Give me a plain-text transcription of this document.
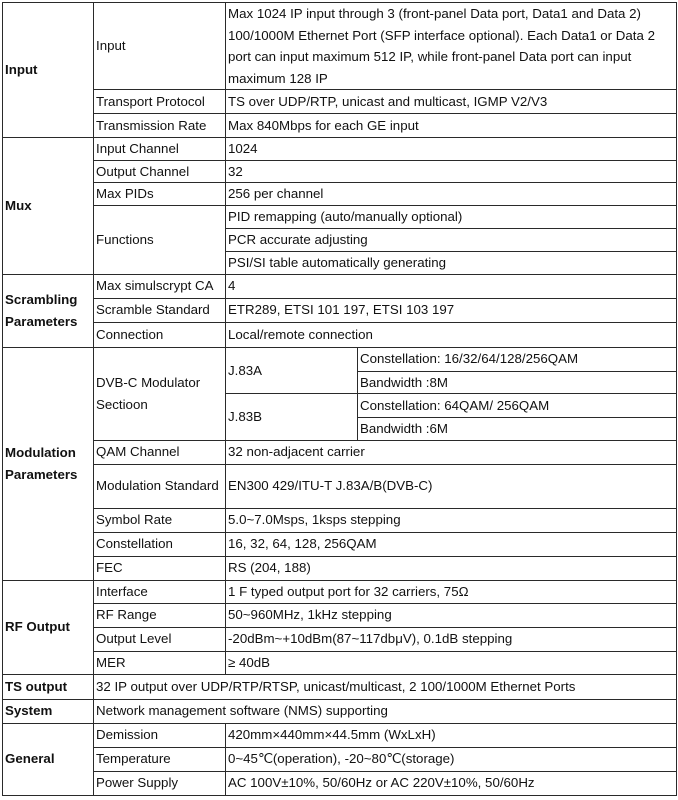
Input	Input	Max 1024 IP input through 3 (front-panel Data port, Data1 and Data 2) 100/1000M Ethernet Port (SFP interface optional). Each Data1 or Data 2 port can input maximum 512 IP, while front-panel Data port can input maximum 128 IP	
	Transport Protocol	TS over UDP/RTP, unicast and multicast, IGMP V2/V3	
	Transmission Rate	Max 840Mbps for each GE input	
Mux	Input Channel	1024	
	Output Channel	32	
	Max PIDs	256 per channel	
	Functions	PID remapping (auto/manually optional)	
		PCR accurate adjusting	
		PSI/SI table automatically generating	
Scrambling Parameters	Max simulscrypt CA	4	
	Scramble Standard	ETR289, ETSI 101 197, ETSI 103 197	
	Connection	Local/remote connection	
Modulation Parameters	DVB-C Modulator Sectioon	J.83A	Constellation: 16/32/64/128/256QAM
			Bandwidth :8M
		J.83B	Constellation: 64QAM/ 256QAM
			Bandwidth :6M
	QAM Channel	32 non-adjacent carrier	
	Modulation Standard	EN300 429/ITU-T J.83A/B(DVB-C)	
	Symbol Rate	5.0~7.0Msps, 1ksps stepping	
	Constellation	16, 32, 64, 128, 256QAM	
	FEC	RS (204, 188)	
RF Output	Interface	1 F typed output port for 32 carriers, 75Ω	
	RF Range	50~960MHz, 1kHz stepping	
	Output Level	-20dBm~+10dBm(87~117dbμV), 0.1dB stepping	
	MER	≥ 40dB	
TS output	32 IP output over UDP/RTP/RTSP, unicast/multicast, 2 100/1000M Ethernet Ports		
System	Network management software (NMS) supporting		
General	Demission	420mm×440mm×44.5mm (WxLxH)	
	Temperature	0~45℃(operation), -20~80℃(storage)	
	Power Supply	AC 100V±10%, 50/60Hz or AC 220V±10%, 50/60Hz	
